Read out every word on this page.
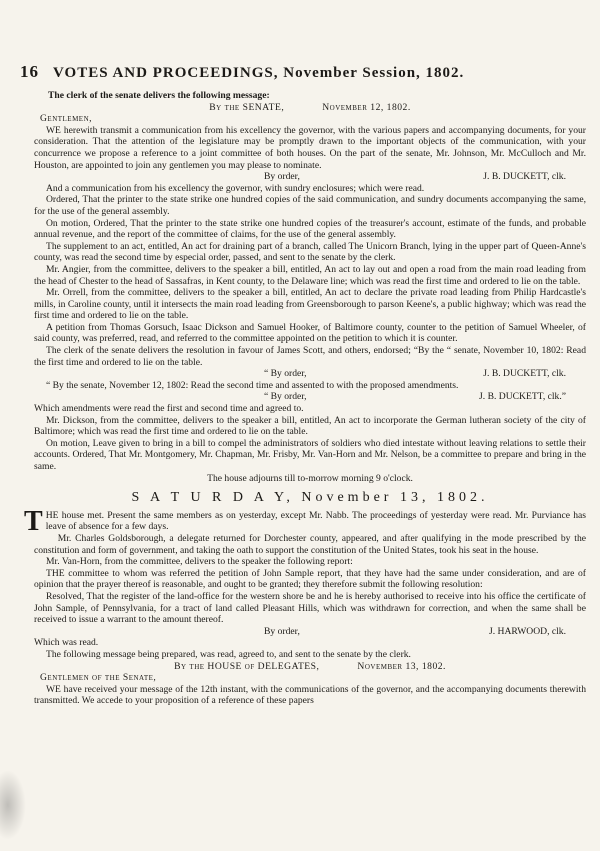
16 VOTES AND PROCEEDINGS, November Session, 1802.

The clerk of the senate delivers the following message:

By the SENATE,	November 12, 1802.

Gentlemen,

WE herewith transmit a communication from his excellency the governor, with the various papers and accompanying documents, for your consideration. That the attention of the legislature may be promptly drawn to the important objects of the communication, with your concurrence we propose a reference to a joint committee of both houses. On the part of the senate, Mr. Johnson, Mr. McCulloch and Mr. Houston, are appointed to join any gentlemen you may please to nominate.

By order,	J. B. DUCKETT, clk.

And a communication from his excellency the governor, with sundry enclosures; which were read.

Ordered, That the printer to the state strike one hundred copies of the said communication, and sundry documents accompanying the same, for the use of the general assembly.

On motion, Ordered, That the printer to the state strike one hundred copies of the treasurer's account, estimate of the funds, and probable annual revenue, and the report of the committee of claims, for the use of the general assembly.

The supplement to an act, entitled, An act for draining part of a branch, called The Unicorn Branch, lying in the upper part of Queen-Anne's county, was read the second time by especial order, passed, and sent to the senate by the clerk.

Mr. Angier, from the committee, delivers to the speaker a bill, entitled, An act to lay out and open a road from the main road leading from the head of Chester to the head of Sassafras, in Kent county, to the Delaware line; which was read the first time and ordered to lie on the table.

Mr. Orrell, from the committee, delivers to the speaker a bill, entitled, An act to declare the private road leading from Philip Hardcastle's mills, in Caroline county, until it intersects the main road leading from Greensborough to parson Keene's, a public highway; which was read the first time and ordered to lie on the table.

A petition from Thomas Gorsuch, Isaac Dickson and Samuel Hooker, of Baltimore county, counter to the petition of Samuel Wheeler, of said county, was preferred, read, and referred to the committee appointed on the petition to which it is counter.

The clerk of the senate delivers the resolution in favour of James Scott, and others, endorsed; “By the “ senate, November 10, 1802: Read the first time and ordered to lie on the table.

“ By order,	J. B. DUCKETT, clk.

“ By the senate, November 12, 1802: Read the second time and assented to with the proposed amendments.

“ By order,	J. B. DUCKETT, clk.”

Which amendments were read the first and second time and agreed to.

Mr. Dickson, from the committee, delivers to the speaker a bill, entitled, An act to incorporate the German lutheran society of the city of Baltimore; which was read the first time and ordered to lie on the table.

On motion, Leave given to bring in a bill to compel the administrators of soldiers who died intestate without leaving relations to settle their accounts. Ordered, That Mr. Montgomery, Mr. Chapman, Mr. Frisby, Mr. Van-Horn and Mr. Nelson, be a committee to prepare and bring in the same.

The house adjourns till to-morrow morning 9 o'clock.

S A T U R D A Y, November 13, 1802.
T HE house met. Present the same members as on yesterday, except Mr. Nabb. The proceedings of yesterday were read. Mr. Purviance has leave of absence for a few days.

Mr. Charles Goldsborough, a delegate returned for Dorchester county, appeared, and after qualifying in the mode prescribed by the constitution and form of government, and taking the oath to support the constitution of the United States, took his seat in the house.

Mr. Van-Horn, from the committee, delivers to the speaker the following report:

THE committee to whom was referred the petition of John Sample report, that they have had the same under consideration, and are of opinion that the prayer thereof is reasonable, and ought to be granted; they therefore submit the following resolution:

Resolved, That the register of the land-office for the western shore be and he is hereby authorised to receive into his office the certificate of John Sample, of Pennsylvania, for a tract of land called Pleasant Hills, which was withdrawn for correction, and when the same shall be received to issue a warrant to the amount thereof.

By order,	J. HARWOOD, clk.

Which was read.

The following message being prepared, was read, agreed to, and sent to the senate by the clerk.

By the HOUSE of DELEGATES,	November 13, 1802.

Gentlemen of the Senate,

WE have received your message of the 12th instant, with the communications of the governor, and the accompanying documents therewith transmitted. We accede to your proposition of a reference of these papers
